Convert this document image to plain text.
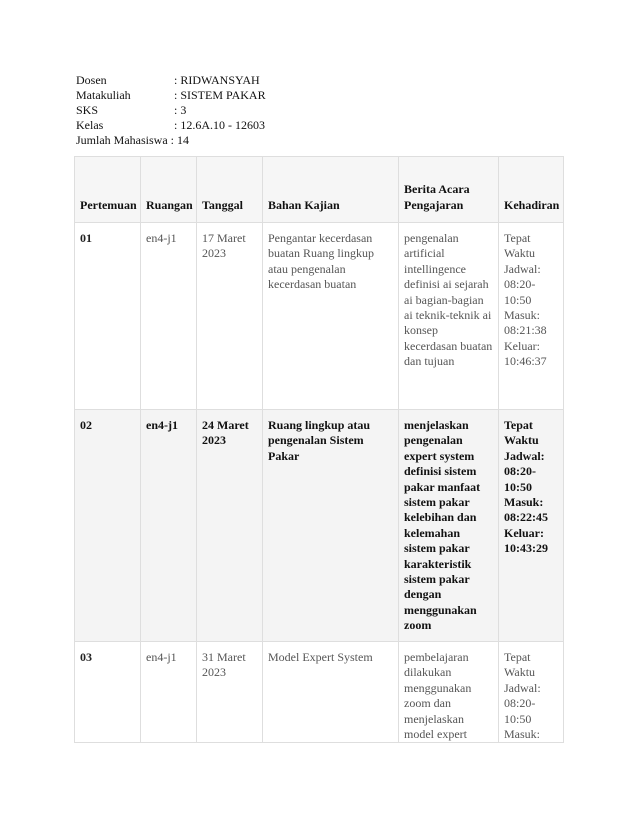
Dosen	: RIDWANSYAH
Matakuliah	: SISTEM PAKAR
SKS	: 3
Kelas	: 12.6A.10 - 12603
Jumlah Mahasiswa : 14
Pertemuan	Ruangan	Tanggal	Bahan Kajian	Berita Acara Pengajaran	Kehadiran
01	en4-j1	17 Maret 2023	Pengantar kecerdasan buatan Ruang lingkup atau pengenalan kecerdasan buatan	pengenalan artificial intellingence definisi ai sejarah ai bagian-bagian ai teknik-teknik ai konsep kecerdasan buatan dan tujuan	Tepat Waktu Jadwal: 08:20-10:50 Masuk: 08:21:38 Keluar: 10:46:37
02	en4-j1	24 Maret 2023	Ruang lingkup atau pengenalan Sistem Pakar	menjelaskan pengenalan expert system definisi sistem pakar manfaat sistem pakar kelebihan dan kelemahan sistem pakar karakteristik sistem pakar dengan menggunakan zoom	Tepat Waktu Jadwal: 08:20-10:50 Masuk: 08:22:45 Keluar: 10:43:29
03	en4-j1	31 Maret 2023	Model Expert System	pembelajaran dilakukan menggunakan zoom dan menjelaskan model expert	Tepat Waktu Jadwal: 08:20-10:50 Masuk:
